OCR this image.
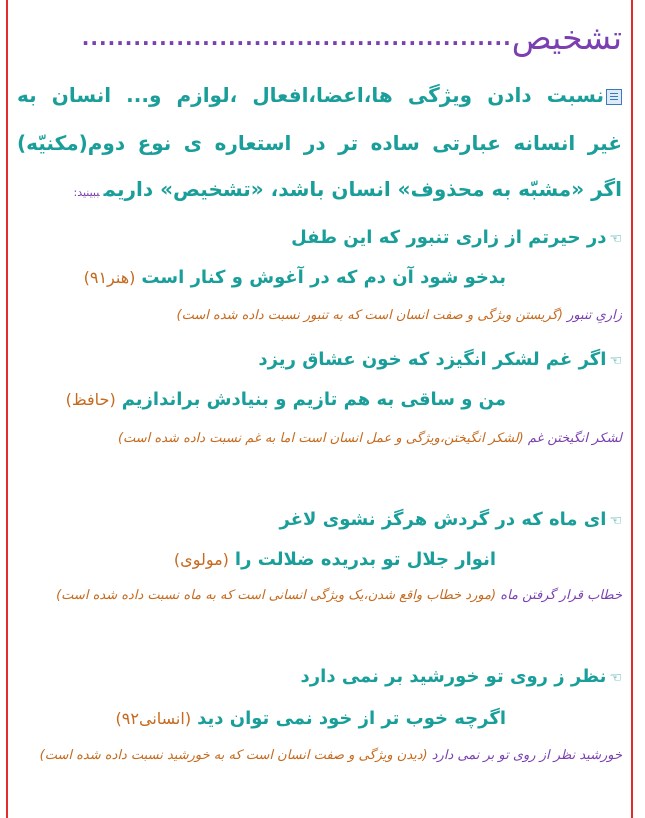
تشخیص
..................................................
نسبت دادن ویژگی ها،اعضا،افعال ،لوازم و... انسان به
غیر انسانه عبارتی ساده تر در استعاره ی نوع دوم(مکنیّه)
اگر «مشبّه به محذوف» انسان باشد، «تشخیص» داریمببینید:
☜در حیرتم از زاری تنبور که این طفل
بدخو شود آن دم که در آغوش و کنار است(هنر۹۱)
زاریِ تنبور (گریستن ویژگی و صفت انسان است که به تنبور نسبت داده شده است)
☜اگر غم لشکر انگیزد که خون عشاق ریزد
من و ساقی به هم تازیم و بنیادش براندازیم(حافظ)
لشکر انگیختن غم (لشکر انگیختن،ویژگی و عمل انسان است اما به غم نسبت داده شده است)
☜ای ماه که در گردش هرگز نشوی لاغر
انوار جلال تو بدریده ضلالت را(مولوی)
خطاب قرار گرفتن ماه (مورد خطاب واقع شدن،یک ویژگی انسانی است که به ماه نسبت داده شده است)
☜نظر ز روی تو خورشید بر نمی دارد
اگرچه خوب تر از خود نمی توان دید(انسانی۹۲)
خورشید نظر از روی تو بر نمی دارد (دیدن ویژگی و صفت انسان است که به خورشید نسبت داده شده است)
